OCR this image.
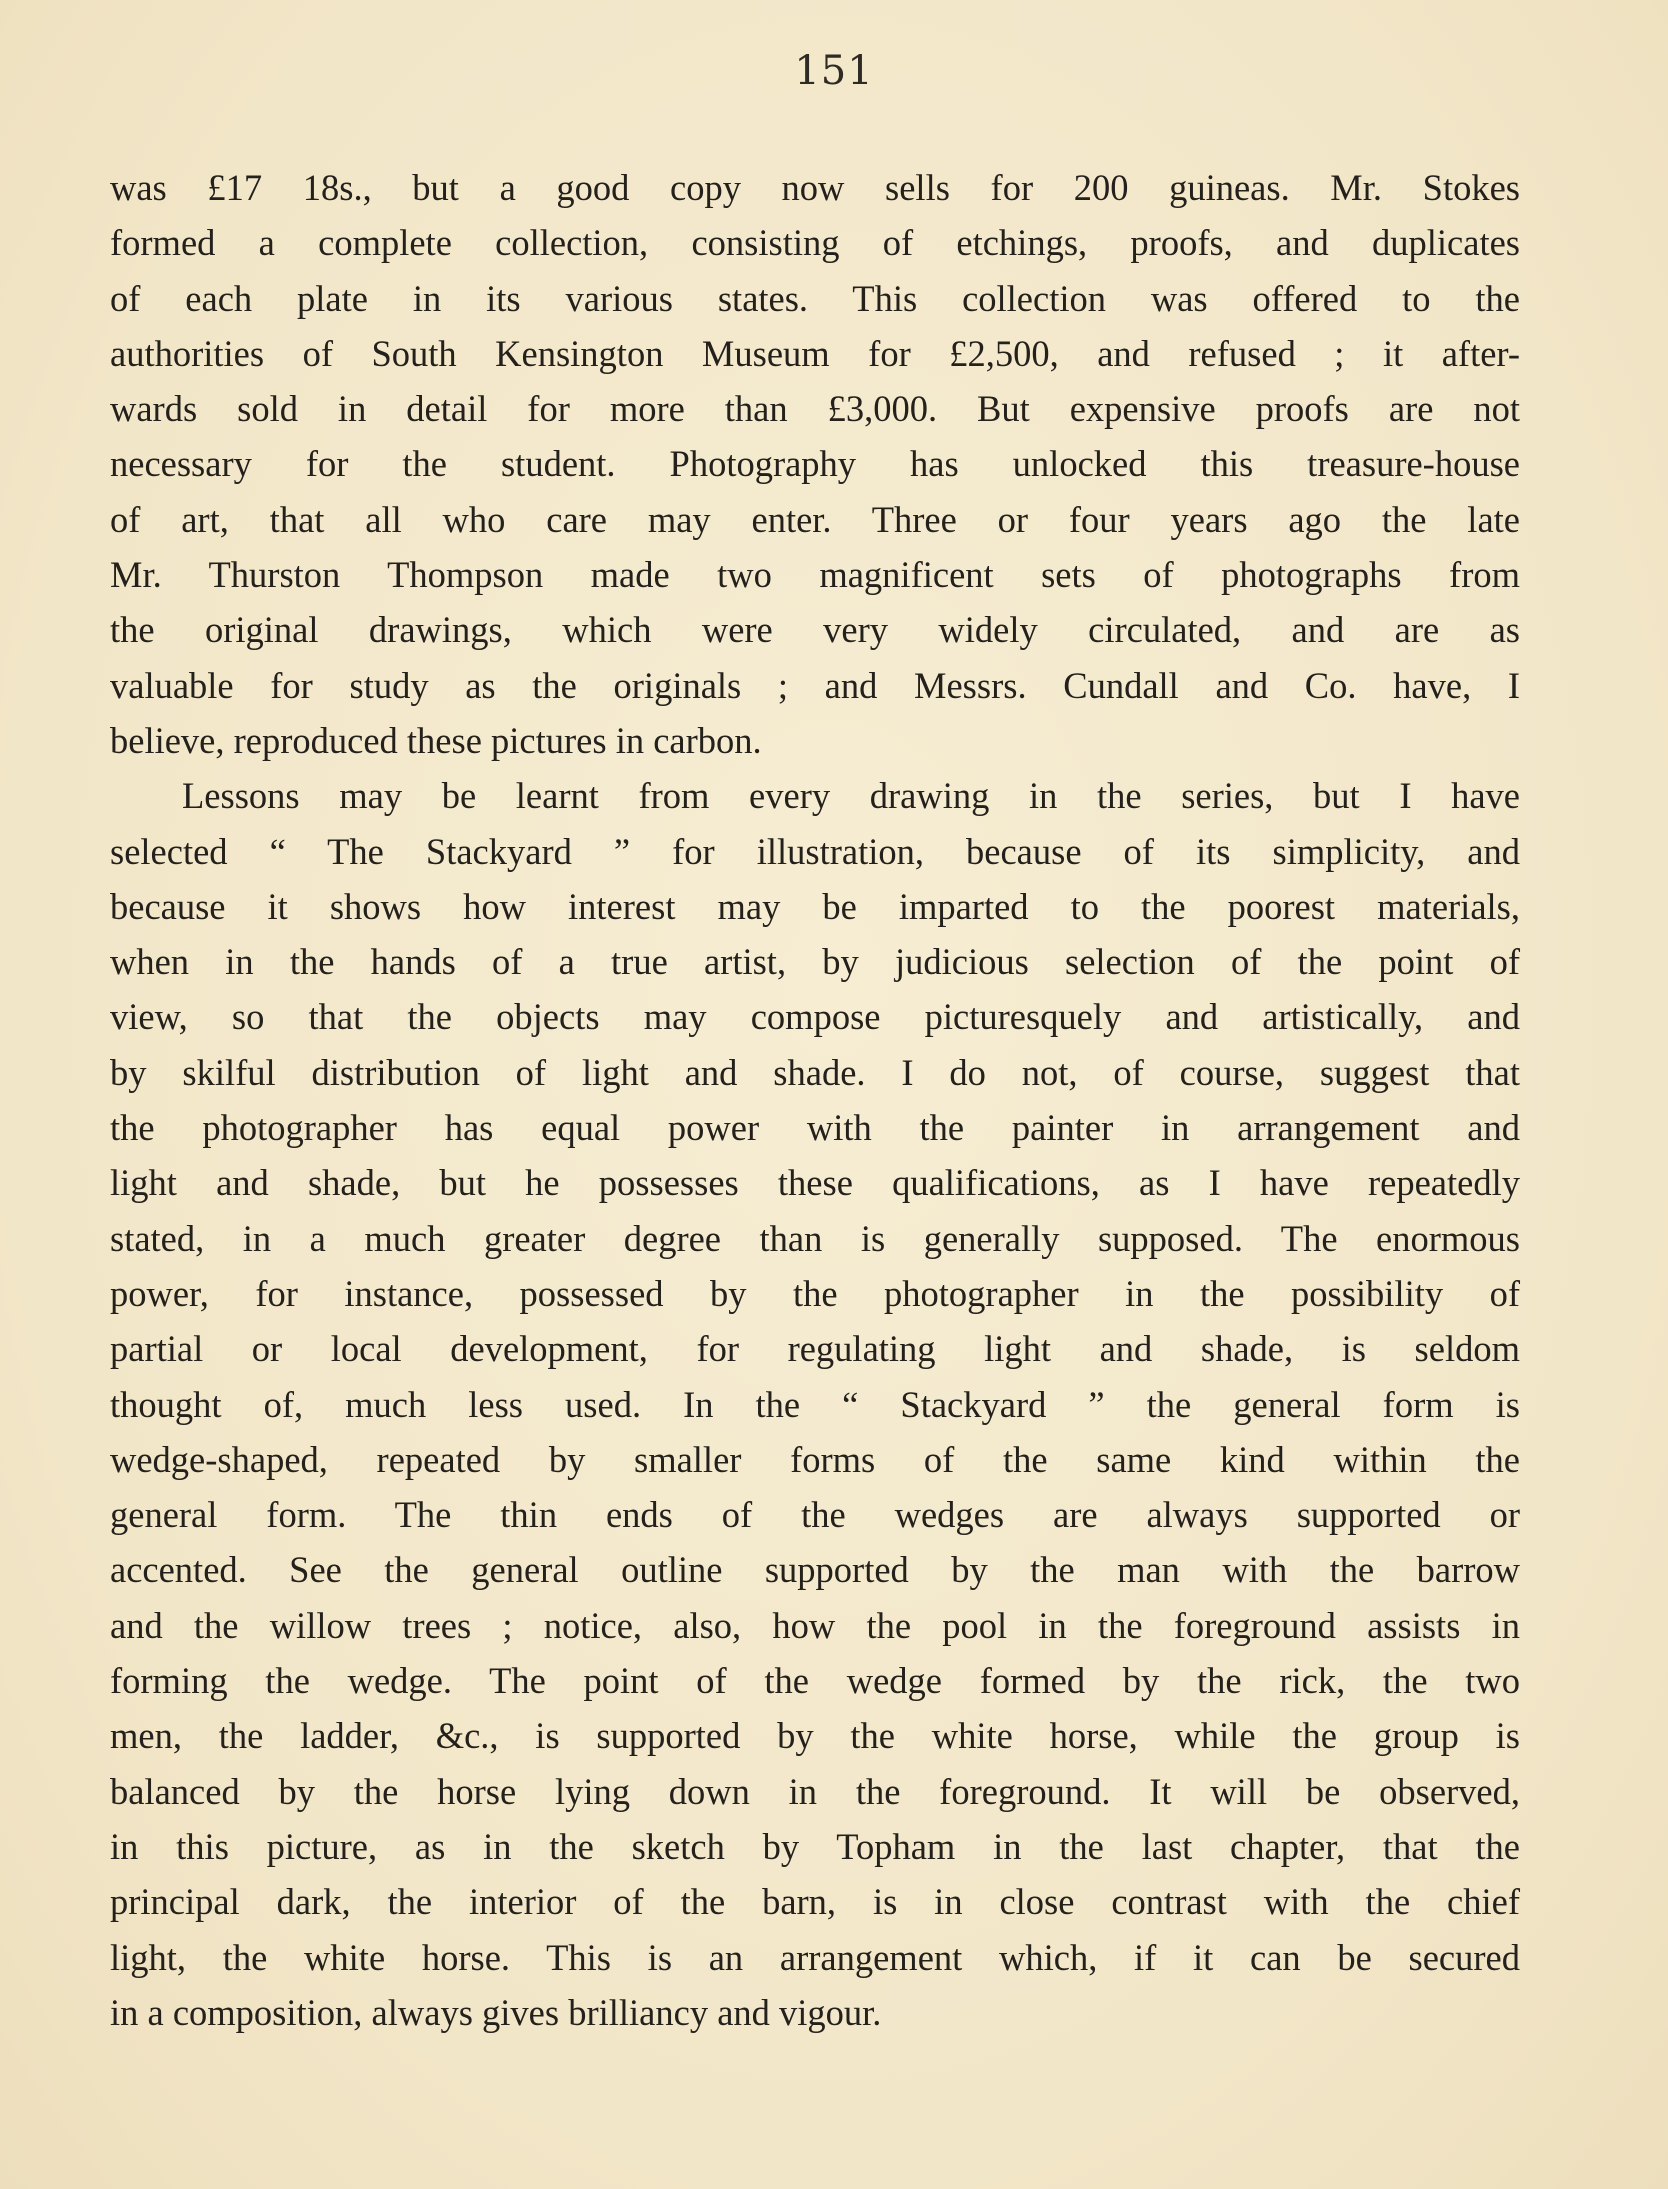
151
was £17 18s., but a good copy now sells for 200 guineas. Mr. Stokes
formed a complete collection, consisting of etchings, proofs, and duplicates
of each plate in its various states. This collection was offered to the
authorities of South Kensington Museum for £2,500, and refused ; it after-
wards sold in detail for more than £3,000. But expensive proofs are not
necessary for the student. Photography has unlocked this treasure-house
of art, that all who care may enter. Three or four years ago the late
Mr. Thurston Thompson made two magnificent sets of photographs from
the original drawings, which were very widely circulated, and are as
valuable for study as the originals ; and Messrs. Cundall and Co. have, I
believe, reproduced these pictures in carbon.
Lessons may be learnt from every drawing in the series, but I have
selected “ The Stackyard ” for illustration, because of its simplicity, and
because it shows how interest may be imparted to the poorest materials,
when in the hands of a true artist, by judicious selection of the point of
view, so that the objects may compose picturesquely and artistically, and
by skilful distribution of light and shade. I do not, of course, suggest that
the photographer has equal power with the painter in arrangement and
light and shade, but he possesses these qualifications, as I have repeatedly
stated, in a much greater degree than is generally supposed. The enormous
power, for instance, possessed by the photographer in the possibility of
partial or local development, for regulating light and shade, is seldom
thought of, much less used. In the “ Stackyard ” the general form is
wedge-shaped, repeated by smaller forms of the same kind within the
general form. The thin ends of the wedges are always supported or
accented. See the general outline supported by the man with the barrow
and the willow trees ; notice, also, how the pool in the foreground assists in
forming the wedge. The point of the wedge formed by the rick, the two
men, the ladder, &c., is supported by the white horse, while the group is
balanced by the horse lying down in the foreground. It will be observed,
in this picture, as in the sketch by Topham in the last chapter, that the
principal dark, the interior of the barn, is in close contrast with the chief
light, the white horse. This is an arrangement which, if it can be secured
in a composition, always gives brilliancy and vigour.
